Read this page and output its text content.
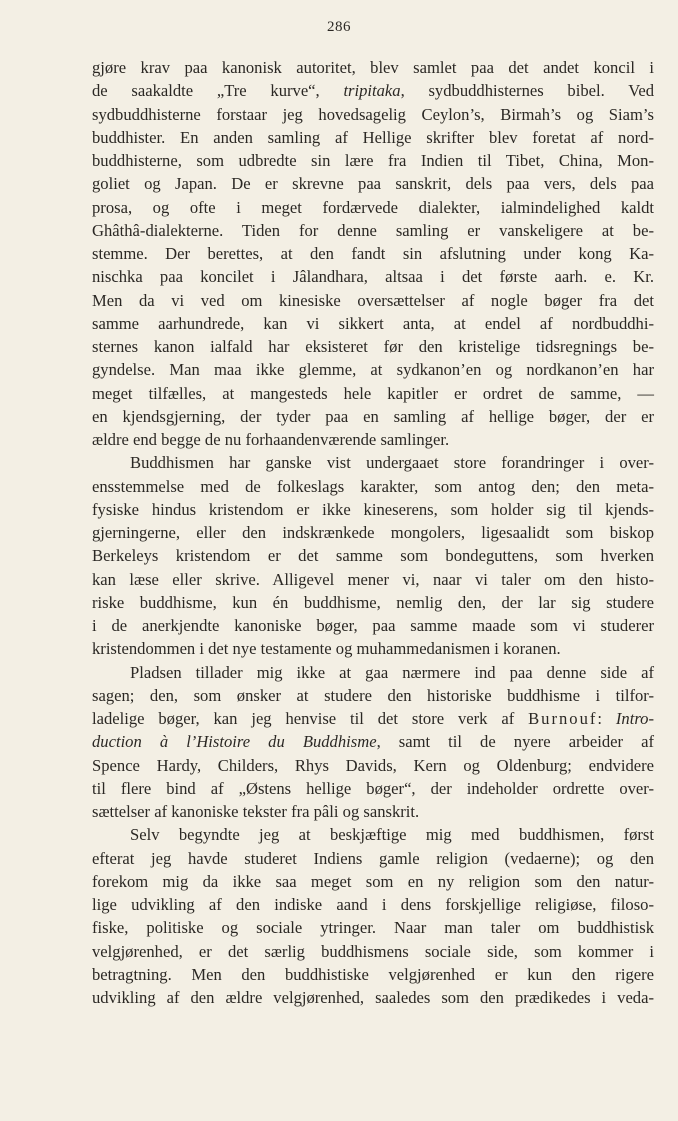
286
gjøre krav paa kanonisk autoritet, blev samlet paa det andet koncil i
de saakaldte „Tre kurve“, tripitaka, sydbuddhisternes bibel. Ved
sydbuddhisterne forstaar jeg hovedsagelig Ceylon’s, Birmah’s og Siam’s
buddhister. En anden samling af Hellige skrifter blev foretat af nord-
buddhisterne, som udbredte sin lære fra Indien til Tibet, China, Mon-
goliet og Japan. De er skrevne paa sanskrit, dels paa vers, dels paa
prosa, og ofte i meget fordærvede dialekter, ialmindelighed kaldt
Ghâthâ-dialekterne. Tiden for denne samling er vanskeligere at be-
stemme. Der berettes, at den fandt sin afslutning under kong Ka-
nischka paa koncilet i Jâlandhara, altsaa i det første aarh. e. Kr.
Men da vi ved om kinesiske oversættelser af nogle bøger fra det
samme aarhundrede, kan vi sikkert anta, at endel af nordbuddhi-
sternes kanon ialfald har eksisteret før den kristelige tidsregnings be-
gyndelse. Man maa ikke glemme, at sydkanon’en og nordkanon’en har
meget tilfælles, at mangesteds hele kapitler er ordret de samme, —
en kjendsgjerning, der tyder paa en samling af hellige bøger, der er
ældre end begge de nu forhaandenværende samlinger.
Buddhismen har ganske vist undergaaet store forandringer i over-
ensstemmelse med de folkeslags karakter, som antog den; den meta-
fysiske hindus kristendom er ikke kineserens, som holder sig til kjends-
gjerningerne, eller den indskrænkede mongolers, ligesaalidt som biskop
Berkeleys kristendom er det samme som bondeguttens, som hverken
kan læse eller skrive. Alligevel mener vi, naar vi taler om den histo-
riske buddhisme, kun én buddhisme, nemlig den, der lar sig studere
i de anerkjendte kanoniske bøger, paa samme maade som vi studerer
kristendommen i det nye testamente og muhammedanismen i koranen.
Pladsen tillader mig ikke at gaa nærmere ind paa denne side af
sagen; den, som ønsker at studere den historiske buddhisme i tilfor-
ladelige bøger, kan jeg henvise til det store verk af Burnouf: Intro-
duction à l’Histoire du Buddhisme, samt til de nyere arbeider af
Spence Hardy, Childers, Rhys Davids, Kern og Oldenburg; endvidere
til flere bind af „Østens hellige bøger“, der indeholder ordrette over-
sættelser af kanoniske tekster fra pâli og sanskrit.
Selv begyndte jeg at beskjæftige mig med buddhismen, først
efterat jeg havde studeret Indiens gamle religion (vedaerne); og den
forekom mig da ikke saa meget som en ny religion som den natur-
lige udvikling af den indiske aand i dens forskjellige religiøse, filoso-
fiske, politiske og sociale ytringer. Naar man taler om buddhistisk
velgjørenhed, er det særlig buddhismens sociale side, som kommer i
betragtning. Men den buddhistiske velgjørenhed er kun den rigere
udvikling af den ældre velgjørenhed, saaledes som den prædikedes i veda-
